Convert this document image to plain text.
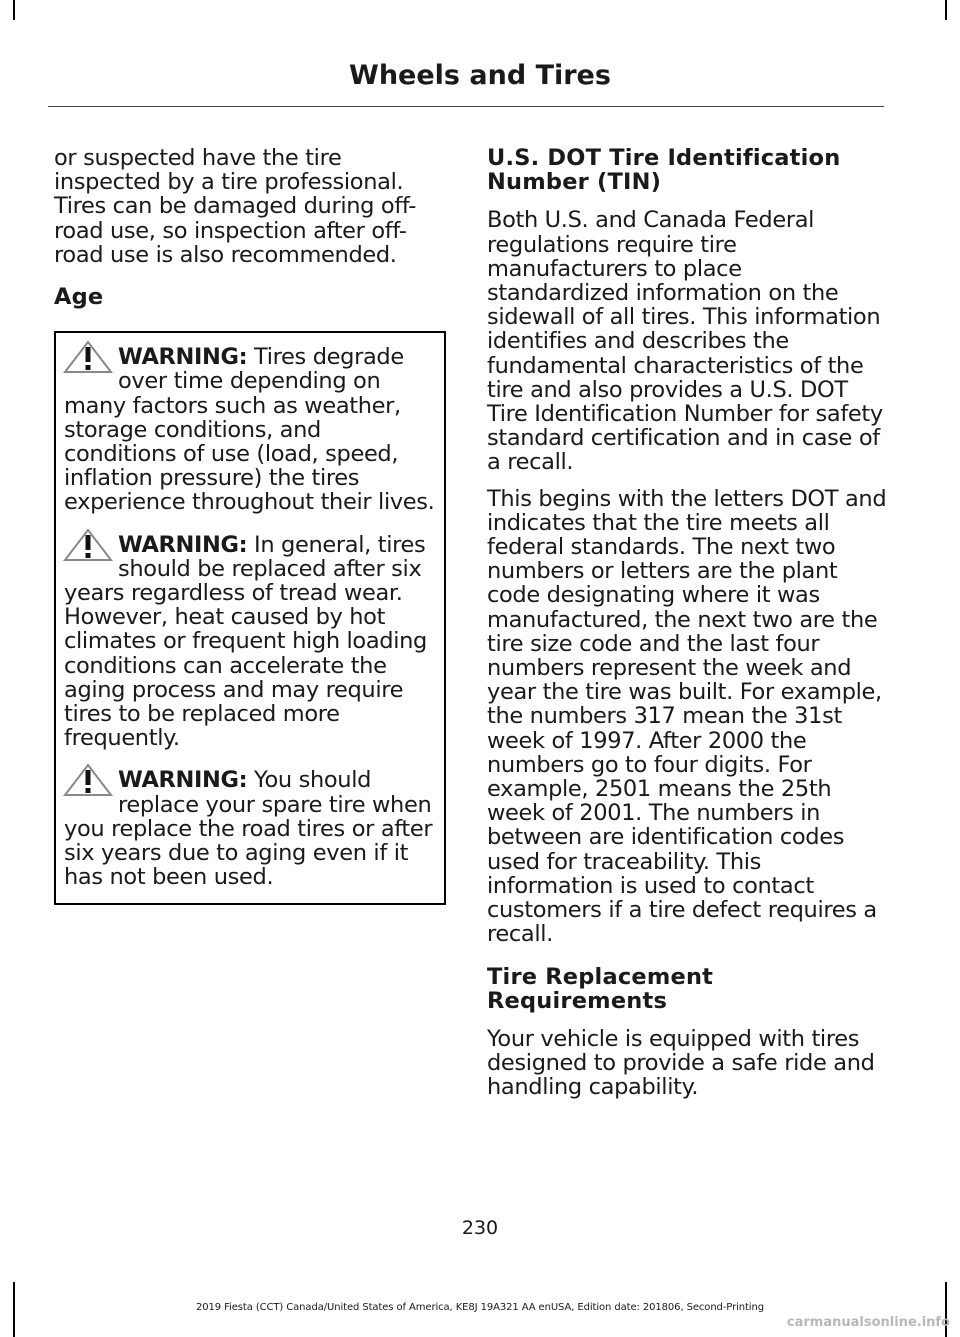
Wheels and Tires

or suspected have the tire inspected by a tire professional. Tires can be damaged during off-road use, so inspection after off-road use is also recommended.

Age

WARNING: Tires degrade over time depending on many factors such as weather, storage conditions, and conditions of use (load, speed, inflation pressure) the tires experience throughout their lives.

WARNING: In general, tires should be replaced after six years regardless of tread wear. However, heat caused by hot climates or frequent high loading conditions can accelerate the aging process and may require tires to be replaced more frequently.

WARNING: You should replace your spare tire when you replace the road tires or after six years due to aging even if it has not been used.

U.S. DOT Tire Identification Number (TIN)

Both U.S. and Canada Federal regulations require tire manufacturers to place standardized information on the sidewall of all tires. This information identifies and describes the fundamental characteristics of the tire and also provides a U.S. DOT Tire Identification Number for safety standard certification and in case of a recall.

This begins with the letters DOT and indicates that the tire meets all federal standards. The next two numbers or letters are the plant code designating where it was manufactured, the next two are the tire size code and the last four numbers represent the week and year the tire was built. For example, the numbers 317 mean the 31st week of 1997. After 2000 the numbers go to four digits. For example, 2501 means the 25th week of 2001. The numbers in between are identification codes used for traceability. This information is used to contact customers if a tire defect requires a recall.

Tire Replacement Requirements

Your vehicle is equipped with tires designed to provide a safe ride and handling capability.

230
2019 Fiesta (CCT) Canada/United States of America, KE8J 19A321 AA enUSA, Edition date: 201806, Second-Printing
carmanualsonline.info
